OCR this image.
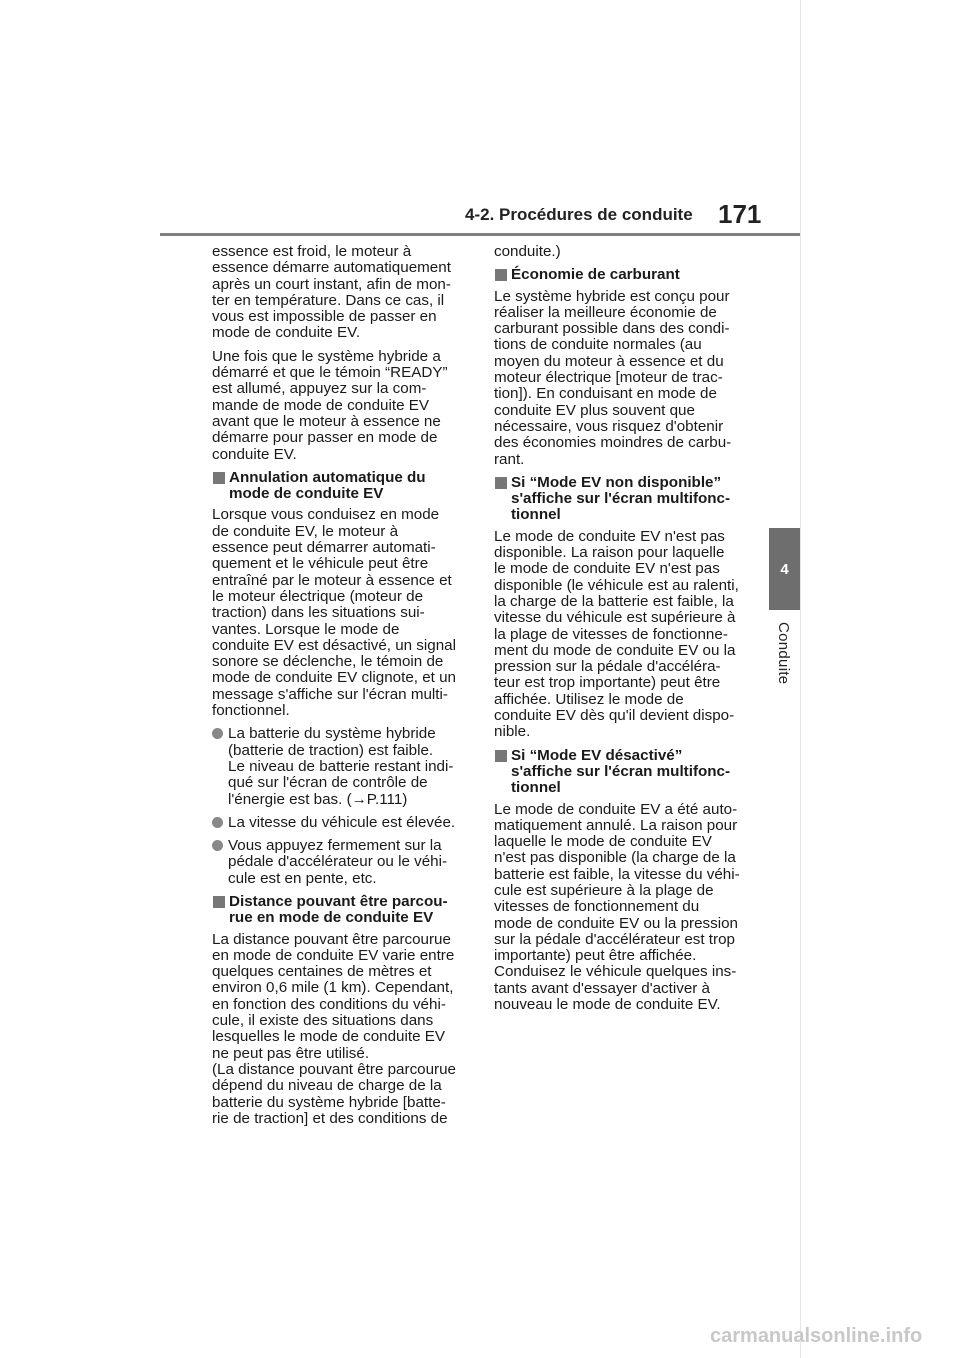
4-2. Procédures de conduite 171
4
Conduite

essence est froid, le moteur à
essence démarre automatiquement
après un court instant, afin de mon-
ter en température. Dans ce cas, il
vous est impossible de passer en
mode de conduite EV.

Une fois que le système hybride a
démarré et que le témoin “READY”
est allumé, appuyez sur la com-
mande de mode de conduite EV
avant que le moteur à essence ne
démarre pour passer en mode de
conduite EV.

Annulation automatique du
mode de conduite EV

Lorsque vous conduisez en mode
de conduite EV, le moteur à
essence peut démarrer automati-
quement et le véhicule peut être
entraîné par le moteur à essence et
le moteur électrique (moteur de
traction) dans les situations sui-
vantes. Lorsque le mode de
conduite EV est désactivé, un signal
sonore se déclenche, le témoin de
mode de conduite EV clignote, et un
message s'affiche sur l'écran multi-
fonctionnel.

La batterie du système hybride
(batterie de traction) est faible.
Le niveau de batterie restant indi-
qué sur l'écran de contrôle de
l'énergie est bas. (→P.111)
La vitesse du véhicule est élevée.
Vous appuyez fermement sur la
pédale d'accélérateur ou le véhi-
cule est en pente, etc.
Distance pouvant être parcou-
rue en mode de conduite EV

La distance pouvant être parcourue
en mode de conduite EV varie entre
quelques centaines de mètres et
environ 0,6 mile (1 km). Cependant,
en fonction des conditions du véhi-
cule, il existe des situations dans
lesquelles le mode de conduite EV
ne peut pas être utilisé.
(La distance pouvant être parcourue
dépend du niveau de charge de la
batterie du système hybride [batte-
rie de traction] et des conditions de

conduite.)

Économie de carburant

Le système hybride est conçu pour
réaliser la meilleure économie de
carburant possible dans des condi-
tions de conduite normales (au
moyen du moteur à essence et du
moteur électrique [moteur de trac-
tion]). En conduisant en mode de
conduite EV plus souvent que
nécessaire, vous risquez d'obtenir
des économies moindres de carbu-
rant.

Si “Mode EV non disponible”
s'affiche sur l'écran multifonc-
tionnel

Le mode de conduite EV n'est pas
disponible. La raison pour laquelle
le mode de conduite EV n'est pas
disponible (le véhicule est au ralenti,
la charge de la batterie est faible, la
vitesse du véhicule est supérieure à
la plage de vitesses de fonctionne-
ment du mode de conduite EV ou la
pression sur la pédale d'accéléra-
teur est trop importante) peut être
affichée. Utilisez le mode de
conduite EV dès qu'il devient dispo-
nible.

Si “Mode EV désactivé”
s'affiche sur l'écran multifonc-
tionnel

Le mode de conduite EV a été auto-
matiquement annulé. La raison pour
laquelle le mode de conduite EV
n'est pas disponible (la charge de la
batterie est faible, la vitesse du véhi-
cule est supérieure à la plage de
vitesses de fonctionnement du
mode de conduite EV ou la pression
sur la pédale d'accélérateur est trop
importante) peut être affichée.
Conduisez le véhicule quelques ins-
tants avant d'essayer d'activer à
nouveau le mode de conduite EV.

carmanualsonline.info
